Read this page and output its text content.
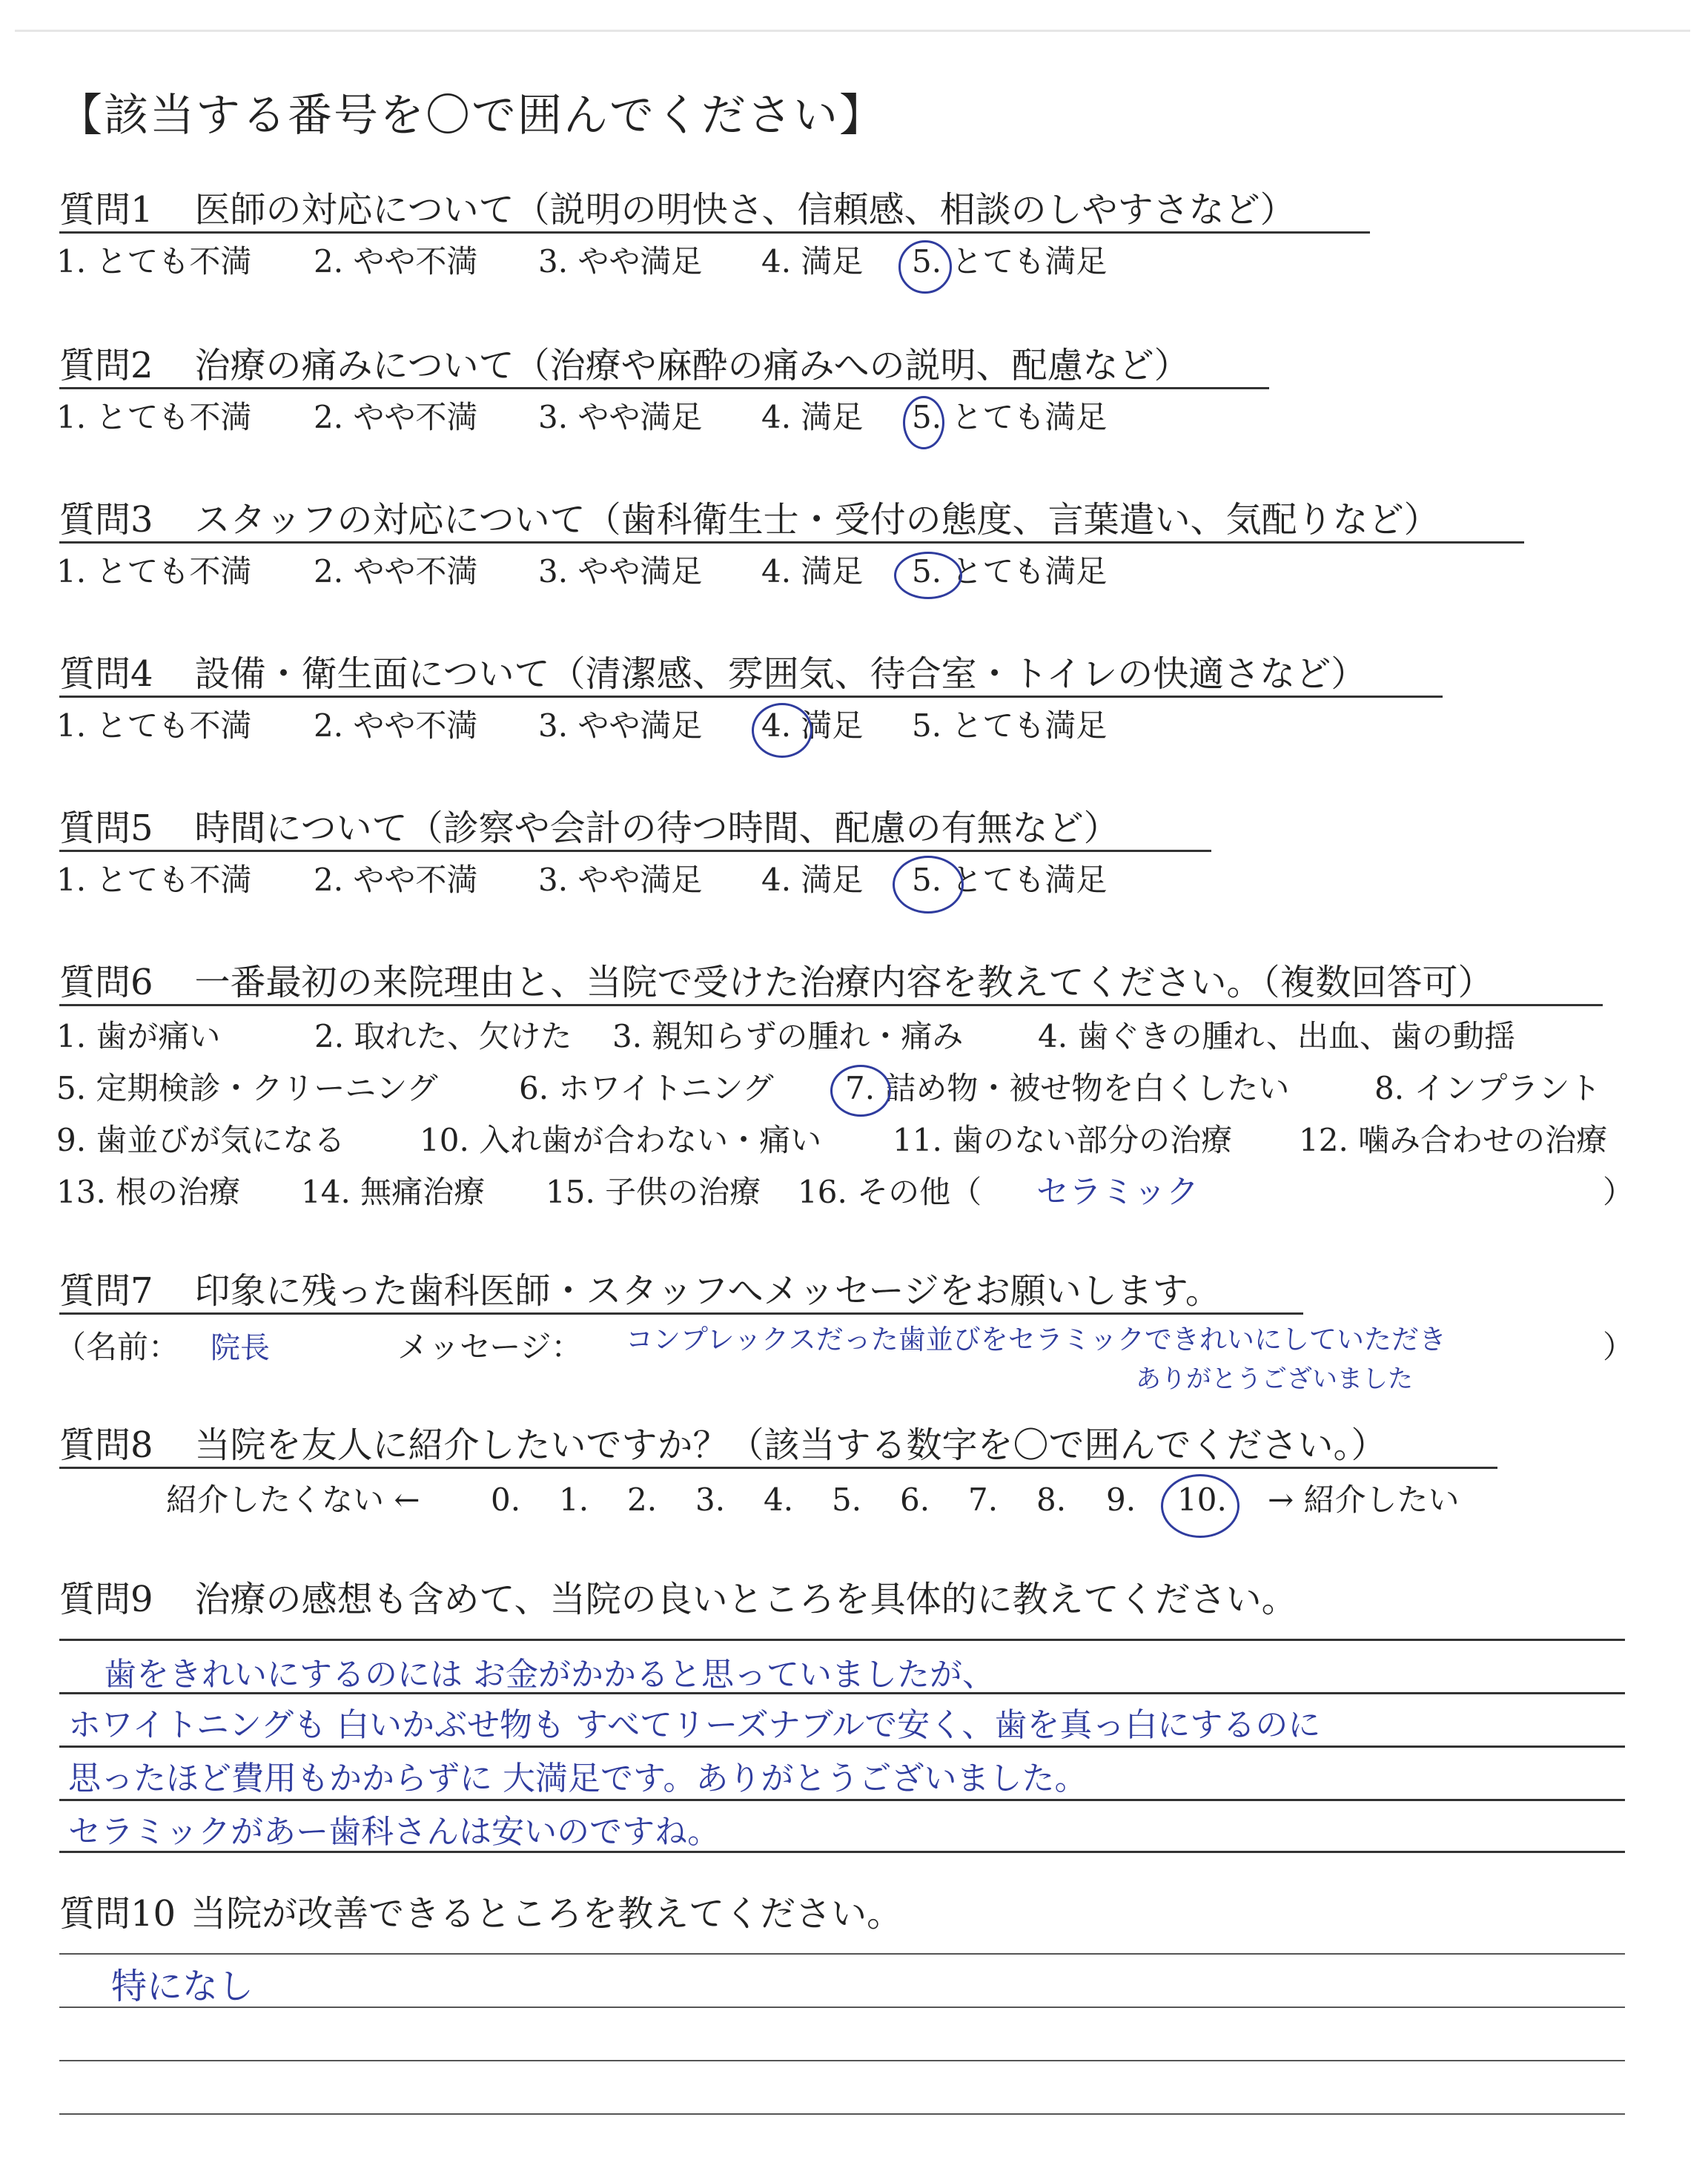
【該当する番号を〇で囲んでください】
質問1 医師の対応について（説明の明快さ、信頼感、相談のしやすさなど）
1. とても不満 2. やや不満 3. やや満足 4. 満足 5. とても満足
質問2 治療の痛みについて（治療や麻酔の痛みへの説明、配慮など）
1. とても不満 2. やや不満 3. やや満足 4. 満足 5. とても満足
質問3 スタッフの対応について（歯科衛生士・受付の態度、言葉遣い、気配りなど）
1. とても不満 2. やや不満 3. やや満足 4. 満足 5. とても満足
質問4 設備・衛生面について（清潔感、雰囲気、待合室・トイレの快適さなど）
1. とても不満 2. やや不満 3. やや満足 4. 満足 5. とても満足
質問5 時間について（診察や会計の待つ時間、配慮の有無など）
1. とても不満 2. やや不満 3. やや満足 4. 満足 5. とても満足
質問6 一番最初の来院理由と、当院で受けた治療内容を教えてください。（複数回答可）
1. 歯が痛い	2. 取れた、欠けた 3. 親知らずの腫れ・痛み 4. 歯ぐきの腫れ、出血、歯の動揺
5. 定期検診・クリーニング	6. ホワイトニング 7. 詰め物・被せ物を白くしたい	8. インプラント
9. 歯並びが気になる 10. 入れ歯が合わない・痛い 11. 歯のない部分の治療 12. 噛み合わせの治療
13. 根の治療 14. 無痛治療 15. 子供の治療 16. その他（ セラミック	）
質問7 印象に残った歯科医師・スタッフへメッセージをお願いします。
（名前： 院長	メッセージ： コンプレックスだった歯並びをセラミックできれいにしていただき
ありがとうございました
）
質問8 当院を友人に紹介したいですか？（該当する数字を〇で囲んでください。）
紹介したくない ← 0. 1. 2. 3. 4. 5. 6. 7. 8. 9. 10. → 紹介したい
質問9 治療の感想も含めて、当院の良いところを具体的に教えてください。
歯をきれいにするのには お金がかかると思っていましたが、
ホワイトニングも 白いかぶせ物も すべてリーズナブルで安く、歯を真っ白にするのに
思ったほど費用もかからずに 大満足です。ありがとうございました。
セラミックがあー歯科さんは安いのですね。
質問10 当院が改善できるところを教えてください。
特になし
